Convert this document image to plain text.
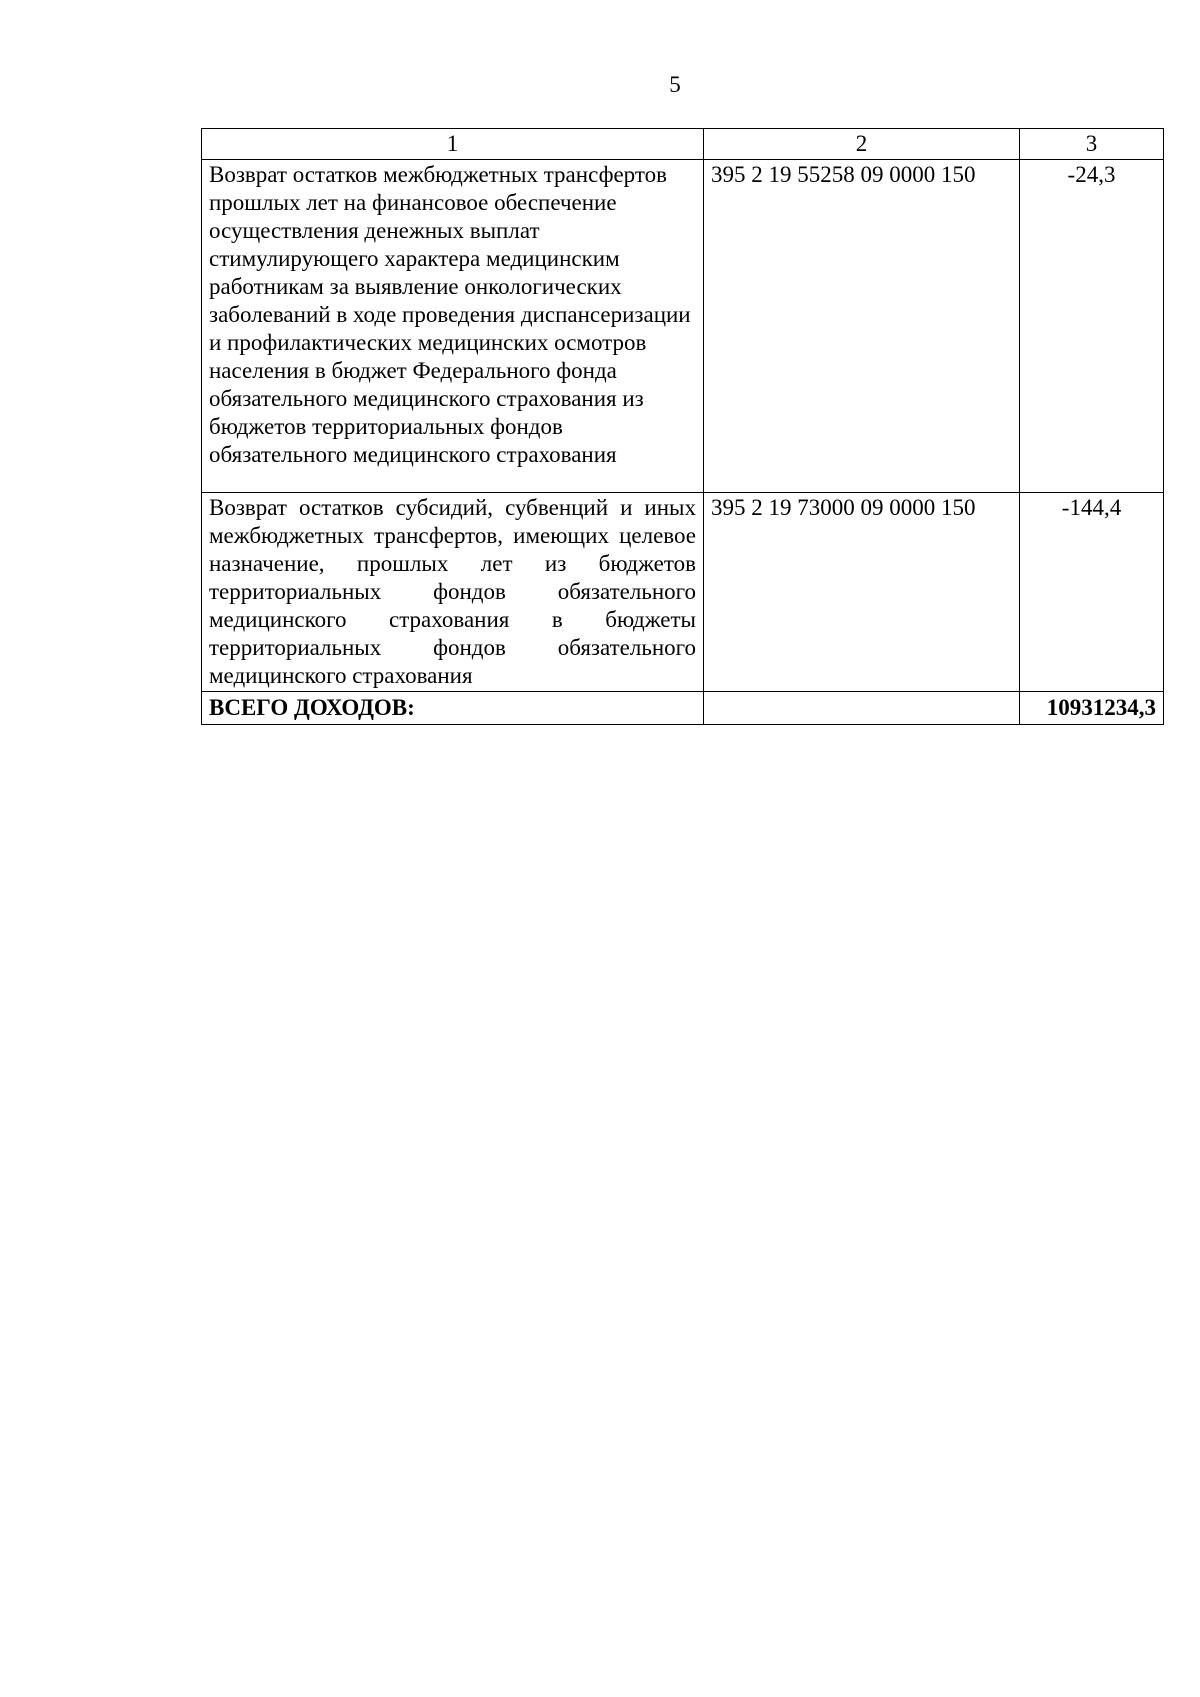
5
1	2	3
Возврат остатков межбюджетных трансфертов прошлых лет на финансовое обеспечение осуществления денежных выплат стимулирующего характера медицинским работникам за выявление онкологических заболеваний в ходе проведения диспансеризации и профилактических медицинских осмотров населения в бюджет Федерального фонда обязательного медицинского страхования из бюджетов территориальных фондов обязательного медицинского страхования	395 2 19 55258 09 0000 150	-24,3
Возврат остатков субсидий, субвенций и иных межбюджетных трансфертов, имеющих целевое назначение, прошлых лет из бюджетов территориальных фондов обязательного медицинского страхования в бюджеты территориальных фондов обязательного медицинского страхования	395 2 19 73000 09 0000 150	-144,4
ВСЕГО ДОХОДОВ:		10931234,3
